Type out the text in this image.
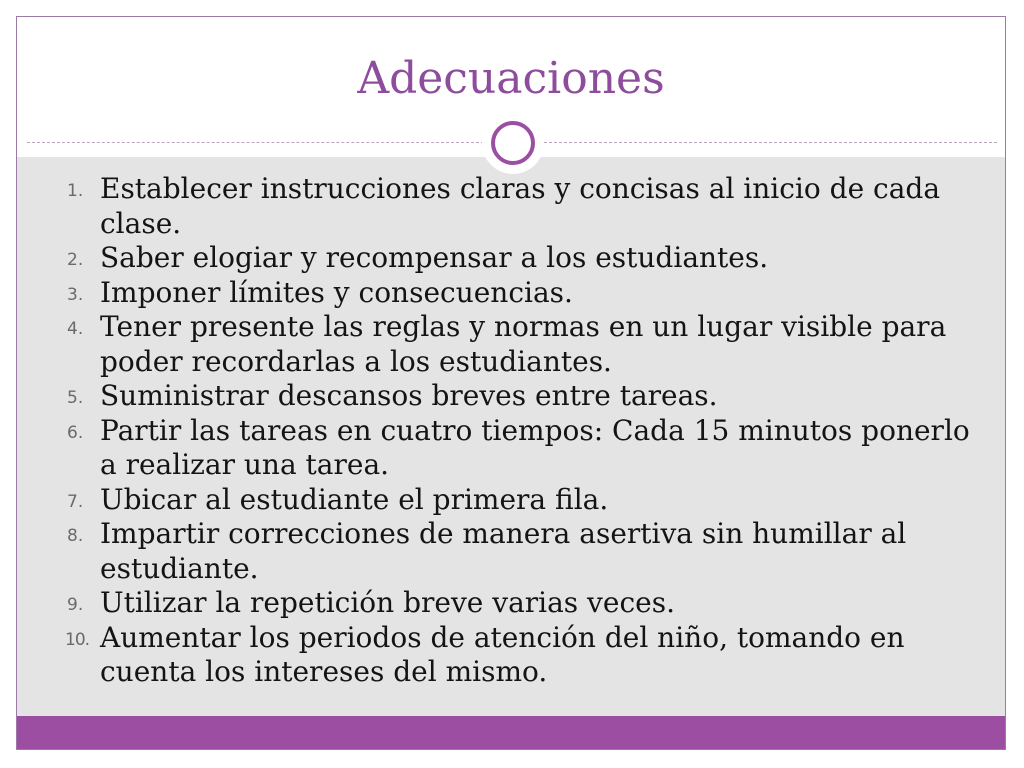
Adecuaciones
1. Establecer instrucciones claras y concisas al inicio de cada clase.
2. Saber elogiar y recompensar a los estudiantes.
3. Imponer límites y consecuencias.
4. Tener presente las reglas y normas en un lugar visible para poder recordarlas a los estudiantes.
5. Suministrar descansos breves entre tareas.
6. Partir las tareas en cuatro tiempos: Cada 15 minutos ponerlo a realizar una tarea.
7. Ubicar al estudiante el primera fila.
8. Impartir correcciones de manera asertiva sin humillar al estudiante.
9. Utilizar la repetición breve varias veces.
10. Aumentar los periodos de atención del niño, tomando en cuenta los intereses del mismo.
